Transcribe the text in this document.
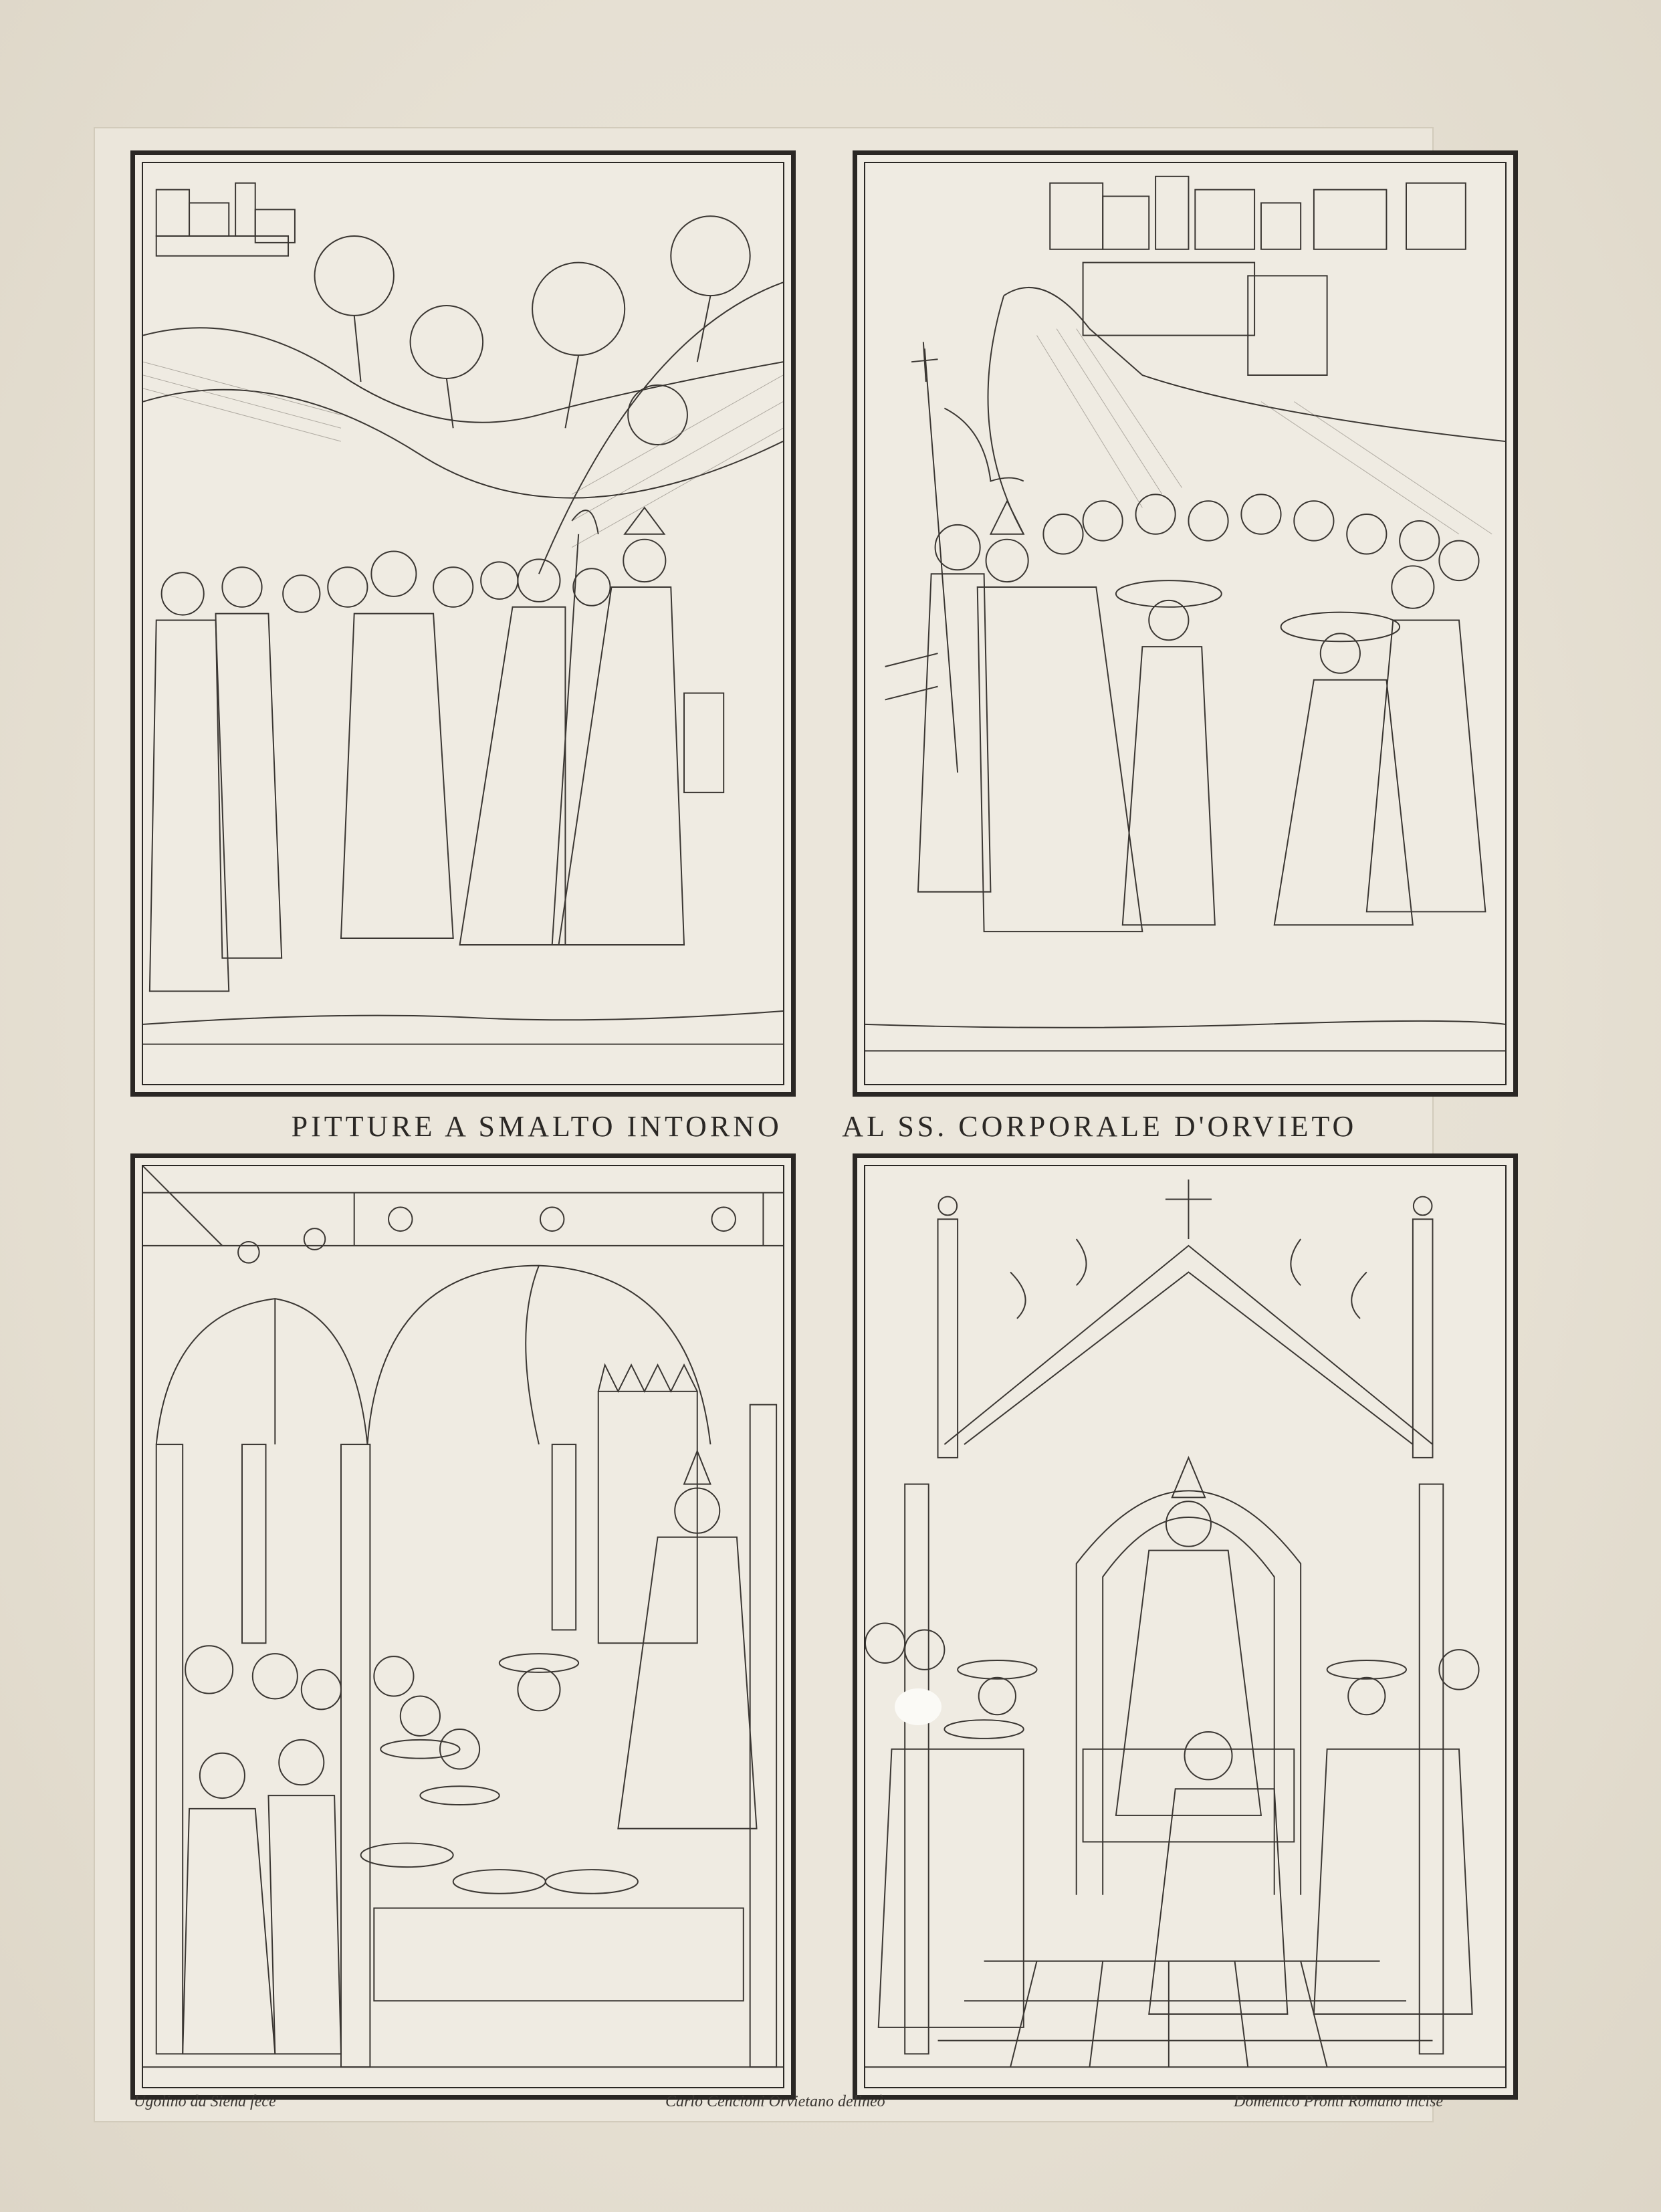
PITTURE A SMALTO INTORNO AL SS. CORPORALE D'ORVIETO
Ugolino da Siena fece	Carlo Cencioni Orvietano delineò	Domenico Pronti Romano incise
